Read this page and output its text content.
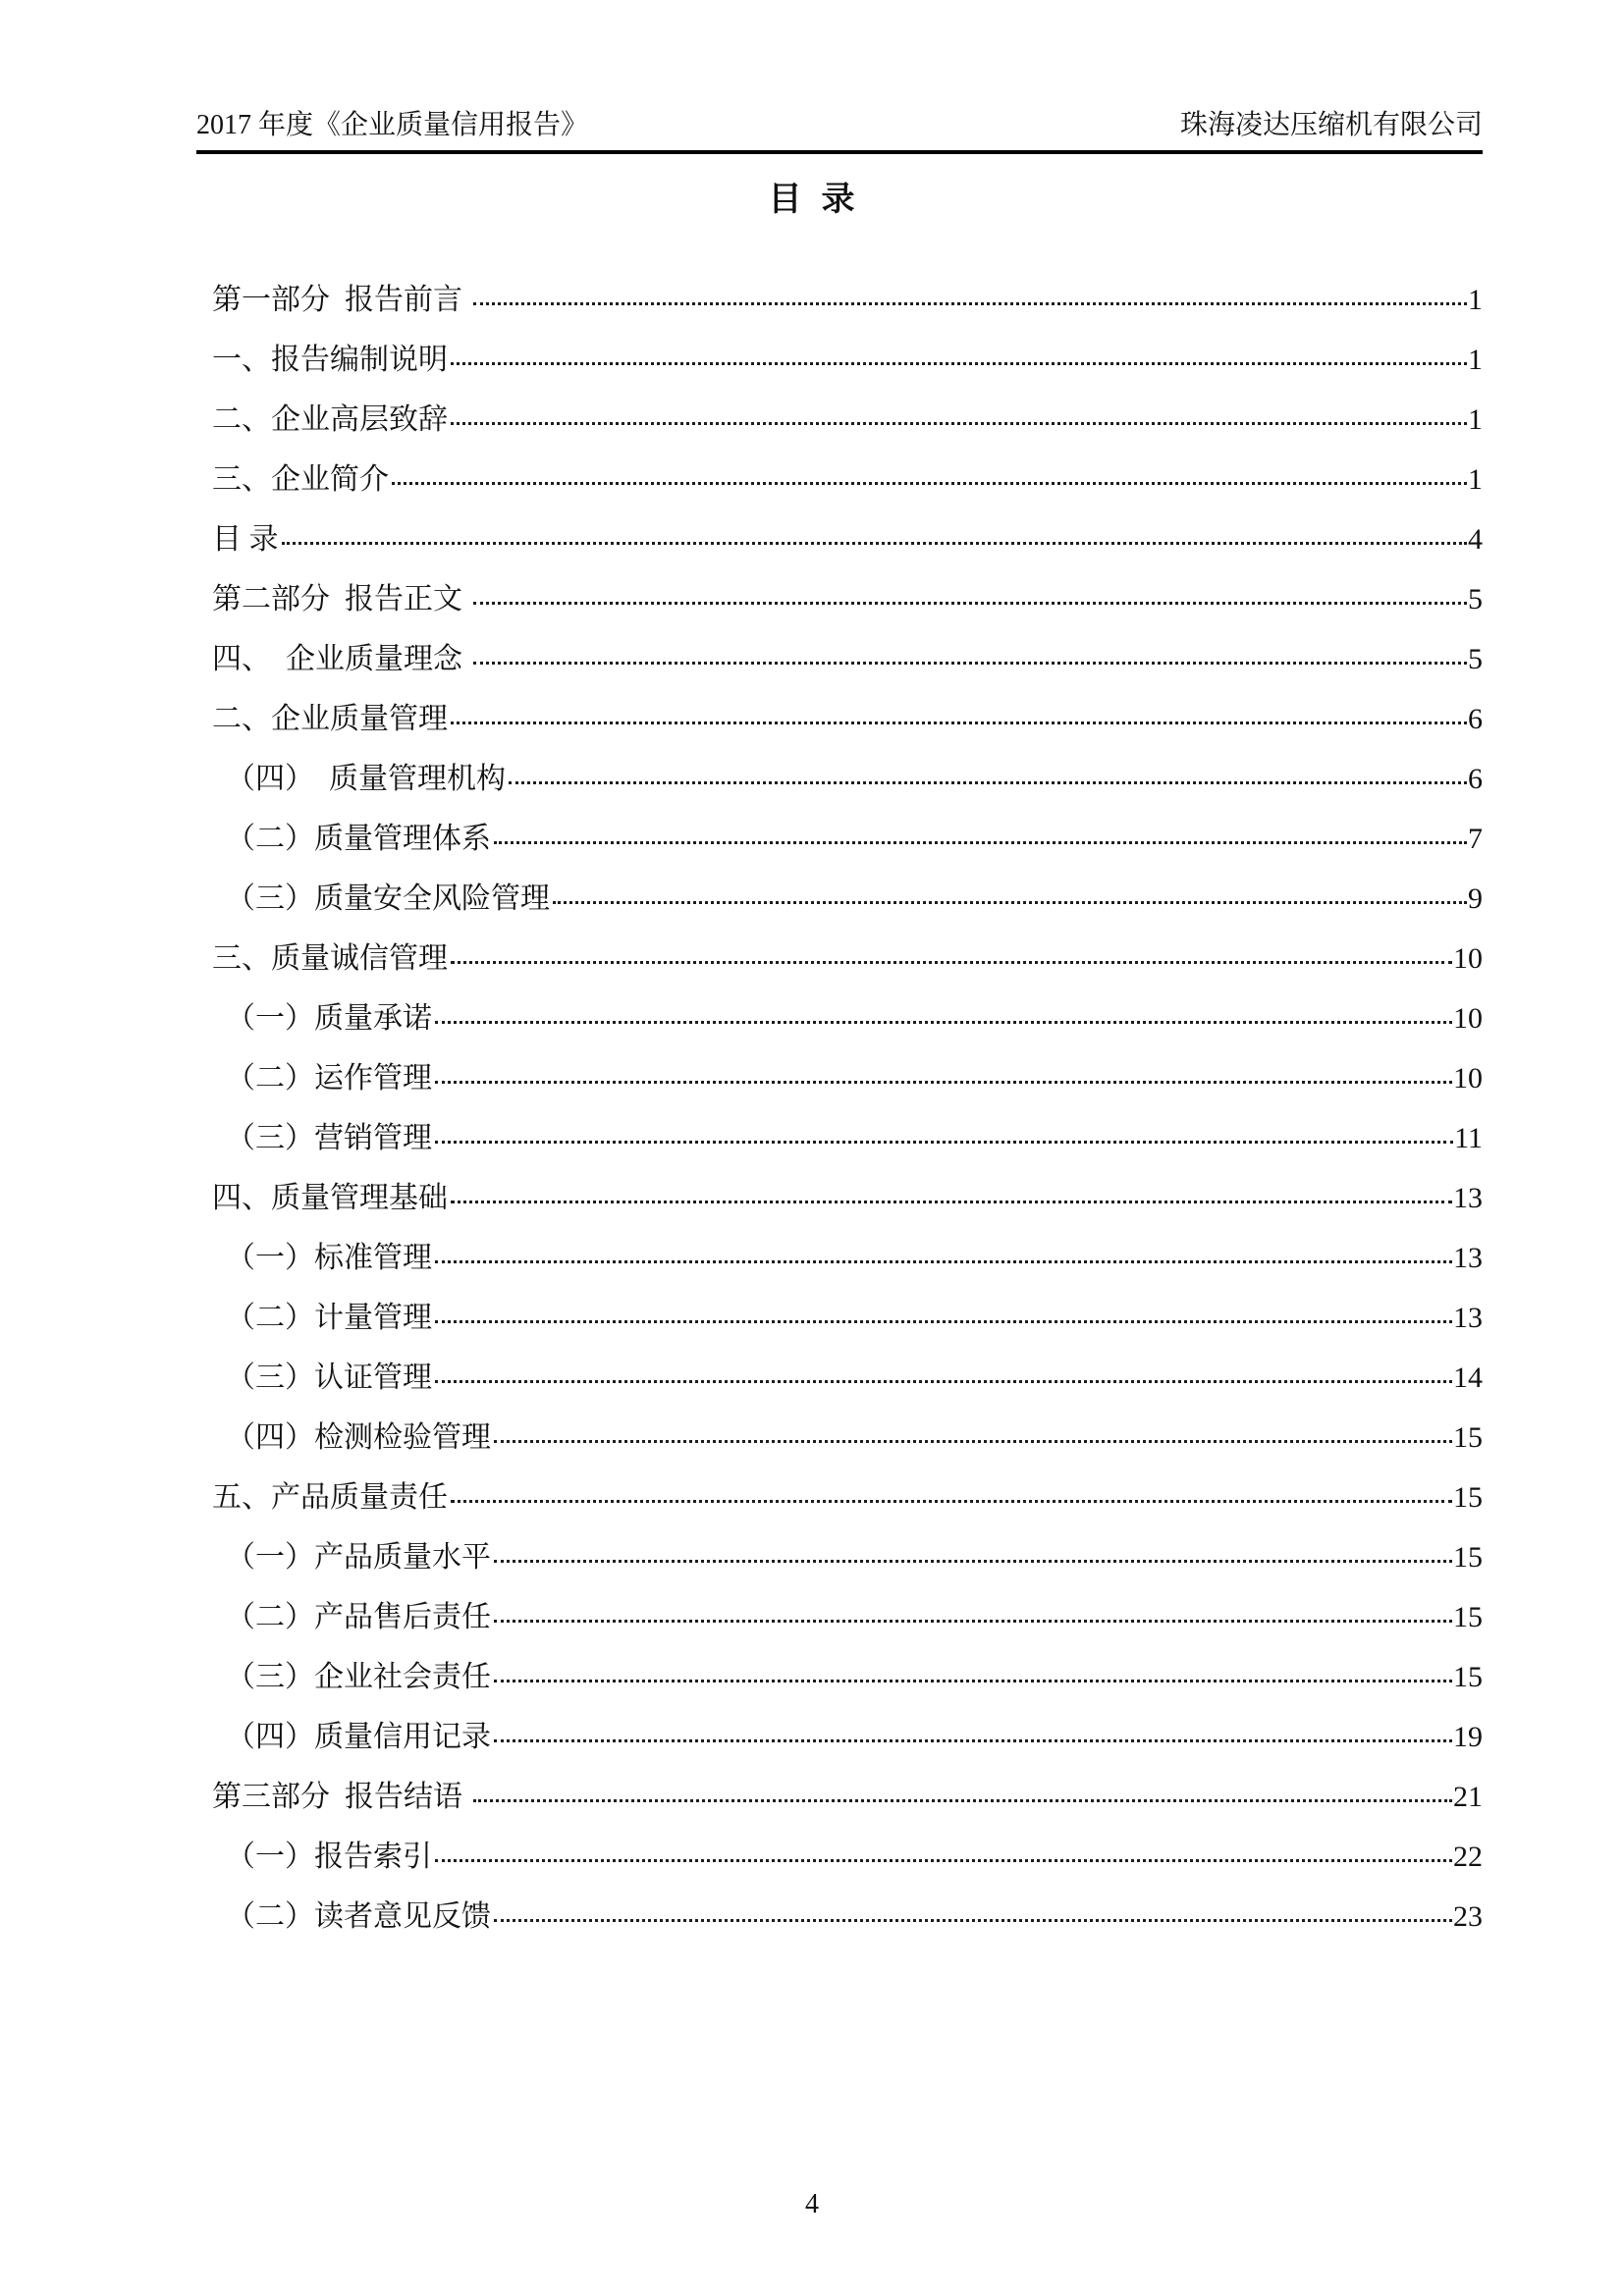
2017 年度《企业质量信用报告》	珠海凌达压缩机有限公司
目  录
第一部分  报告前言	1
一、报告编制说明	1
二、企业高层致辞	1
三、企业简介	1
目 录	4
第二部分  报告正文	5
四、　企业质量理念	5
二、企业质量管理	6
（四）　质量管理机构	6
（二）质量管理体系	7
（三）质量安全风险管理	9
三、质量诚信管理	10
（一）质量承诺	10
（二）运作管理	10
（三）营销管理	11
四、质量管理基础	13
（一）标准管理	13
（二）计量管理	13
（三）认证管理	14
（四）检测检验管理	15
五、产品质量责任	15
（一）产品质量水平	15
（二）产品售后责任	15
（三）企业社会责任	15
（四）质量信用记录	19
第三部分  报告结语	21
（一）报告索引	22
（二）读者意见反馈	23
4
